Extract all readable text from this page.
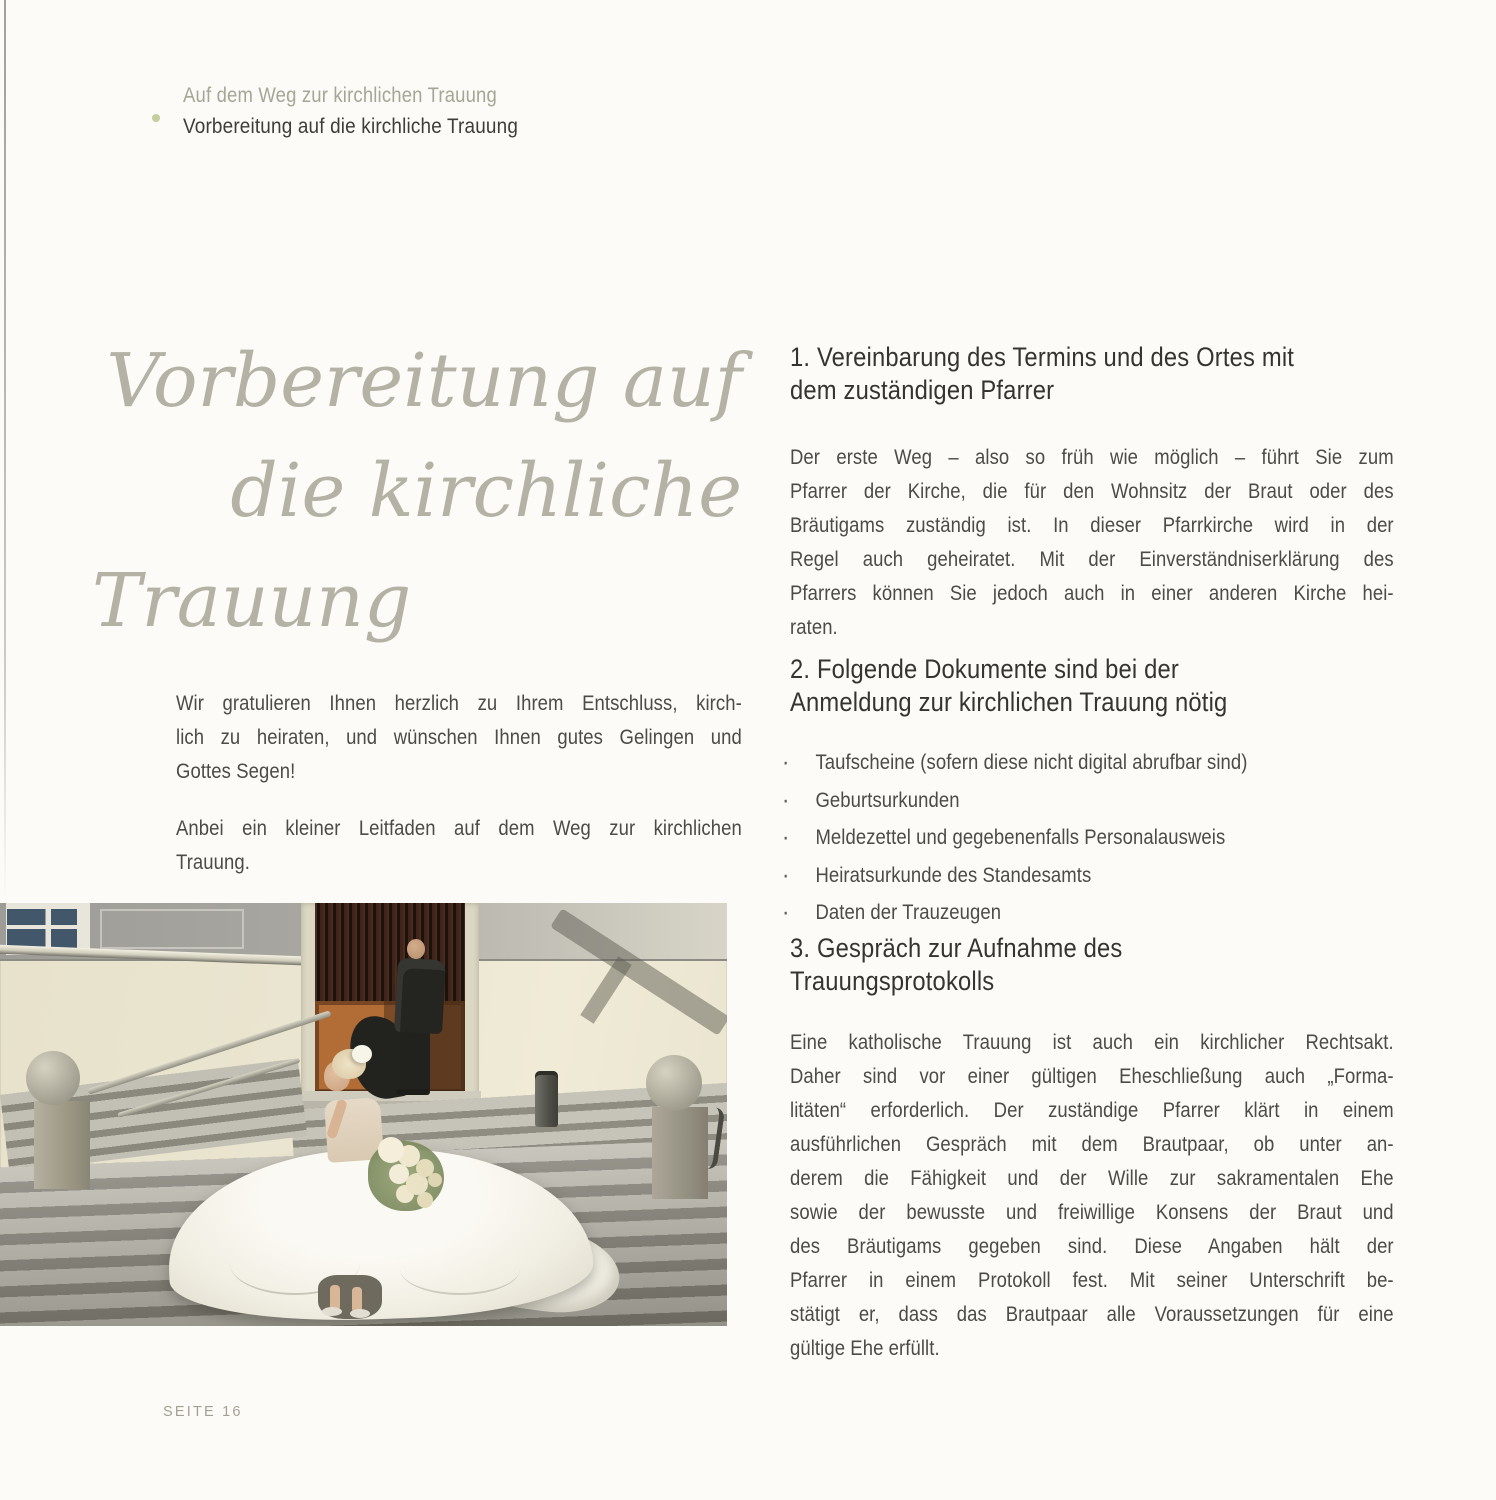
Auf dem Weg zur kirchlichen Trauung
Vorbereitung auf die kirchliche Trauung
Vorbereitung auf
die kirchliche
Trauung
Wir gratulieren Ihnen herzlich zu Ihrem Entschluss, kirch-
lich zu heiraten, und wünschen Ihnen gutes Gelingen und
Gottes Segen!
Anbei ein kleiner Leitfaden auf dem Weg zur kirchlichen
Trauung.
1. Vereinbarung des Termins und des Ortes mit
dem zuständigen Pfarrer
Der erste Weg – also so früh wie möglich – führt Sie zum
Pfarrer der Kirche, die für den Wohnsitz der Braut oder des
Bräutigams zuständig ist. In dieser Pfarrkirche wird in der
Regel auch geheiratet. Mit der Einverständniserklärung des
Pfarrers können Sie jedoch auch in einer anderen Kirche hei-
raten.
2. Folgende Dokumente sind bei der
Anmeldung zur kirchlichen Trauung nötig
·	Taufscheine (sofern diese nicht digital abrufbar sind)
·	Geburtsurkunden
·	Meldezettel und gegebenenfalls Personalausweis
·	Heiratsurkunde des Standesamts
·	Daten der Trauzeugen
3. Gespräch zur Aufnahme des
Trauungsprotokolls
Eine katholische Trauung ist auch ein kirchlicher Rechtsakt.
Daher sind vor einer gültigen Eheschließung auch „Forma-
litäten“ erforderlich. Der zuständige Pfarrer klärt in einem
ausführlichen Gespräch mit dem Brautpaar, ob unter an-
derem die Fähigkeit und der Wille zur sakramentalen Ehe
sowie der bewusste und freiwillige Konsens der Braut und
des Bräutigams gegeben sind. Diese Angaben hält der
Pfarrer in einem Protokoll fest. Mit seiner Unterschrift be-
stätigt er, dass das Brautpaar alle Voraussetzungen für eine
gültige Ehe erfüllt.
SEITE 16
